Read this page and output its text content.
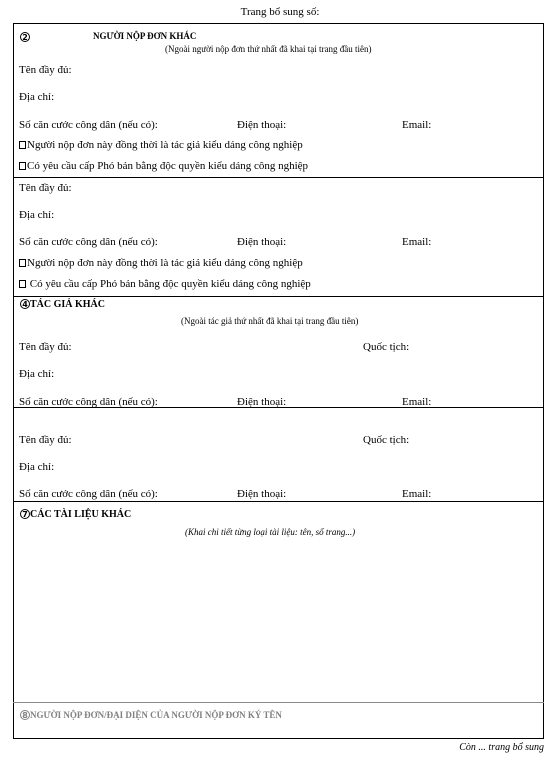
Trang bổ sung số:
2	NGƯỜI NỘP ĐƠN KHÁC
(Ngoài người nộp đơn thứ nhất đã khai tại trang đầu tiên)
Tên đầy đủ:
Địa chỉ:
Số căn cước công dân (nếu có):	Điện thoại:	Email:
Người nộp đơn này đồng thời là tác giả kiểu dáng công nghiệp
Có yêu cầu cấp Phó bản bằng độc quyền kiểu dáng công nghiệp
Tên đầy đủ:
Địa chỉ:
Số căn cước công dân (nếu có):	Điện thoại:	Email:
Người nộp đơn này đồng thời là tác giả kiểu dáng công nghiệp
Có yêu cầu cấp Phó bản bằng độc quyền kiểu dáng công nghiệp
4 TÁC GIẢ KHÁC
(Ngoài tác giả thứ nhất đã khai tại trang đầu tiên)
Tên đầy đủ:	Quốc tịch:
Địa chỉ:
Số căn cước công dân (nếu có):	Điện thoại:	Email:
Tên đầy đủ:	Quốc tịch:
Địa chỉ:
Số căn cước công dân (nếu có):	Điện thoại:	Email:
7 CÁC TÀI LIỆU KHÁC
(Khai chi tiết từng loại tài liệu: tên, số trang...)
8 NGƯỜI NỘP ĐƠN/ĐẠI DIỆN CỦA NGƯỜI NỘP ĐƠN KÝ TÊN
Còn ... trang bổ sung
